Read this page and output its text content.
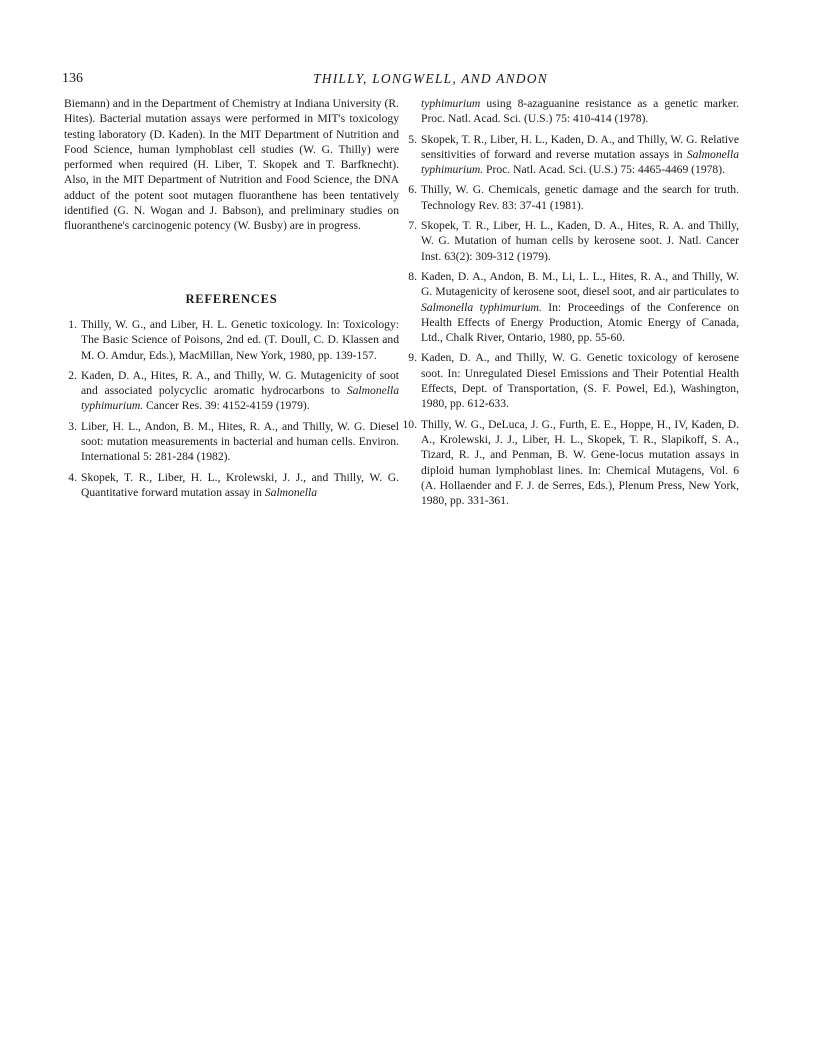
136	THILLY, LONGWELL, AND ANDON

Biemann) and in the Department of Chemistry at Indiana University (R. Hites). Bacterial mutation assays were performed in MIT's toxicology testing laboratory (D. Kaden). In the MIT Department of Nutrition and Food Science, human lymphoblast cell studies (W. G. Thilly) were performed when required (H. Liber, T. Skopek and T. Barfknecht). Also, in the MIT Department of Nutrition and Food Science, the DNA adduct of the potent soot mutagen fluoranthene has been tentatively identified (G. N. Wogan and J. Babson), and preliminary studies on fluoranthene's carcinogenic potency (W. Busby) are in progress.

REFERENCES
1. Thilly, W. G., and Liber, H. L. Genetic toxicology. In: Toxicology: The Basic Science of Poisons, 2nd ed. (T. Doull, C. D. Klassen and M. O. Amdur, Eds.), MacMillan, New York, 1980, pp. 139-157.
2. Kaden, D. A., Hites, R. A., and Thilly, W. G. Mutagenicity of soot and associated polycyclic aromatic hydrocarbons to Salmonella typhimurium. Cancer Res. 39: 4152-4159 (1979).
3. Liber, H. L., Andon, B. M., Hites, R. A., and Thilly, W. G. Diesel soot: mutation measurements in bacterial and human cells. Environ. International 5: 281-284 (1982).
4. Skopek, T. R., Liber, H. L., Krolewski, J. J., and Thilly, W. G. Quantitative forward mutation assay in Salmonella
typhimurium using 8-azaguanine resistance as a genetic marker. Proc. Natl. Acad. Sci. (U.S.) 75: 410-414 (1978).
5. Skopek, T. R., Liber, H. L., Kaden, D. A., and Thilly, W. G. Relative sensitivities of forward and reverse mutation assays in Salmonella typhimurium. Proc. Natl. Acad. Sci. (U.S.) 75: 4465-4469 (1978).
6. Thilly, W. G. Chemicals, genetic damage and the search for truth. Technology Rev. 83: 37-41 (1981).
7. Skopek, T. R., Liber, H. L., Kaden, D. A., Hites, R. A. and Thilly, W. G. Mutation of human cells by kerosene soot. J. Natl. Cancer Inst. 63(2): 309-312 (1979).
8. Kaden, D. A., Andon, B. M., Li, L. L., Hites, R. A., and Thilly, W. G. Mutagenicity of kerosene soot, diesel soot, and air particulates to Salmonella typhimurium. In: Proceedings of the Conference on Health Effects of Energy Production, Atomic Energy of Canada, Ltd., Chalk River, Ontario, 1980, pp. 55-60.
9. Kaden, D. A., and Thilly, W. G. Genetic toxicology of kerosene soot. In: Unregulated Diesel Emissions and Their Potential Health Effects, Dept. of Transportation, (S. F. Powel, Ed.), Washington, 1980, pp. 612-633.
10. Thilly, W. G., DeLuca, J. G., Furth, E. E., Hoppe, H., IV, Kaden, D. A., Krolewski, J. J., Liber, H. L., Skopek, T. R., Slapikoff, S. A., Tizard, R. J., and Penman, B. W. Gene-locus mutation assays in diploid human lymphoblast lines. In: Chemical Mutagens, Vol. 6 (A. Hollaender and F. J. de Serres, Eds.), Plenum Press, New York, 1980, pp. 331-361.
